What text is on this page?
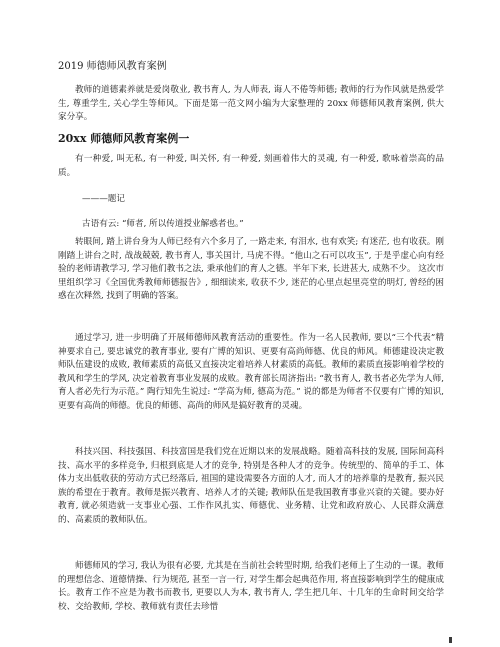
2019 师德师风教育案例

教师的道德素养就是爱岗敬业, 教书育人, 为人师表, 诲人不倦等师德; 教师的行为作风就是热爱学生, 尊重学生, 关心学生等师风。下面是第一范文网小编为大家整理的 20xx 师德师风教育案例, 供大家分享。

20xx 师德师风教育案例一

有一种爱, 叫无私, 有一种爱, 叫关怀, 有一种爱, 刻画着伟大的灵魂, 有一种爱, 歌咏着崇高的品质。

———题记

古语有云: “师者, 所以传道授业解惑者也。”

转眼间, 踏上讲台身为人师已经有六个多月了, 一路走来, 有泪水, 也有欢笑; 有迷茫, 也有收获。刚刚踏上讲台之时, 战战兢兢, 教书育人, 事关国计, 马虎不得。“他山之石可以攻玉”, 于是乎虚心向有经验的老师请教学习, 学习他们教书之法, 秉承他们的育人之德。半年下来, 长进甚大, 成熟不少。 这次市里组织学习《全国优秀教师师德报告》, 细细读来, 收获不少, 迷茫的心里点起里亮堂的明灯, 曾经的困惑在次释然, 找到了明确的答案。

通过学习, 进一步明确了开展师德师风教育活动的重要性。作为一名人民教师, 要以“三个代表”精神要求自己, 要忠诚党的教育事业, 要有广博的知识、更要有高尚师德、优良的师风。师德建设决定教师队伍建设的成败, 教师素质的高低又直接决定着培养人材素质的高低。教师的素质直接影响着学校的教风和学生的学风, 决定着教育事业发展的成败。教育部长周济指出: “教书育人, 教书者必先学为人师, 育人者必先行为示范。” 陶行知先生说过: “学高为师, 德高为范。” 说的都是为师者不仅要有广博的知识, 更要有高尚的师德。优良的师德、高尚的师风是搞好教育的灵魂。

科技兴国、科技强国、科技富国是我们党在近期以来的发展战略。随着高科技的发展, 国际间高科技、高水平的多样竞争, 归根到底是人才的竞争, 特别是各种人才的竞争。传统型的、简单的手工、体体力支出低收获的劳动方式已经落后, 祖国的建设需要各方面的人才, 而人才的培养靠的是教育, 振兴民族的希望在于教育。教师是振兴教育、培养人才的关键; 教师队伍是我国教育事业兴衰的关键。要办好教育, 就必须造就一支事业心强、工作作风扎实、师德优、业务精、让党和政府放心、人民群众满意的、高素质的教师队伍。

师德师风的学习, 我认为很有必要, 尤其是在当前社会转型时期, 给我们老师上了生动的一课。教师的理想信念、道德情操、行为规范, 甚至一言一行, 对学生都会起典范作用, 将直接影响到学生的健康成长。教育工作不应是为教书而教书, 更要以人为本, 教书育人, 学生把几年、十几年的生命时间交给学校、交给教师, 学校、教师就有责任去珍惜
